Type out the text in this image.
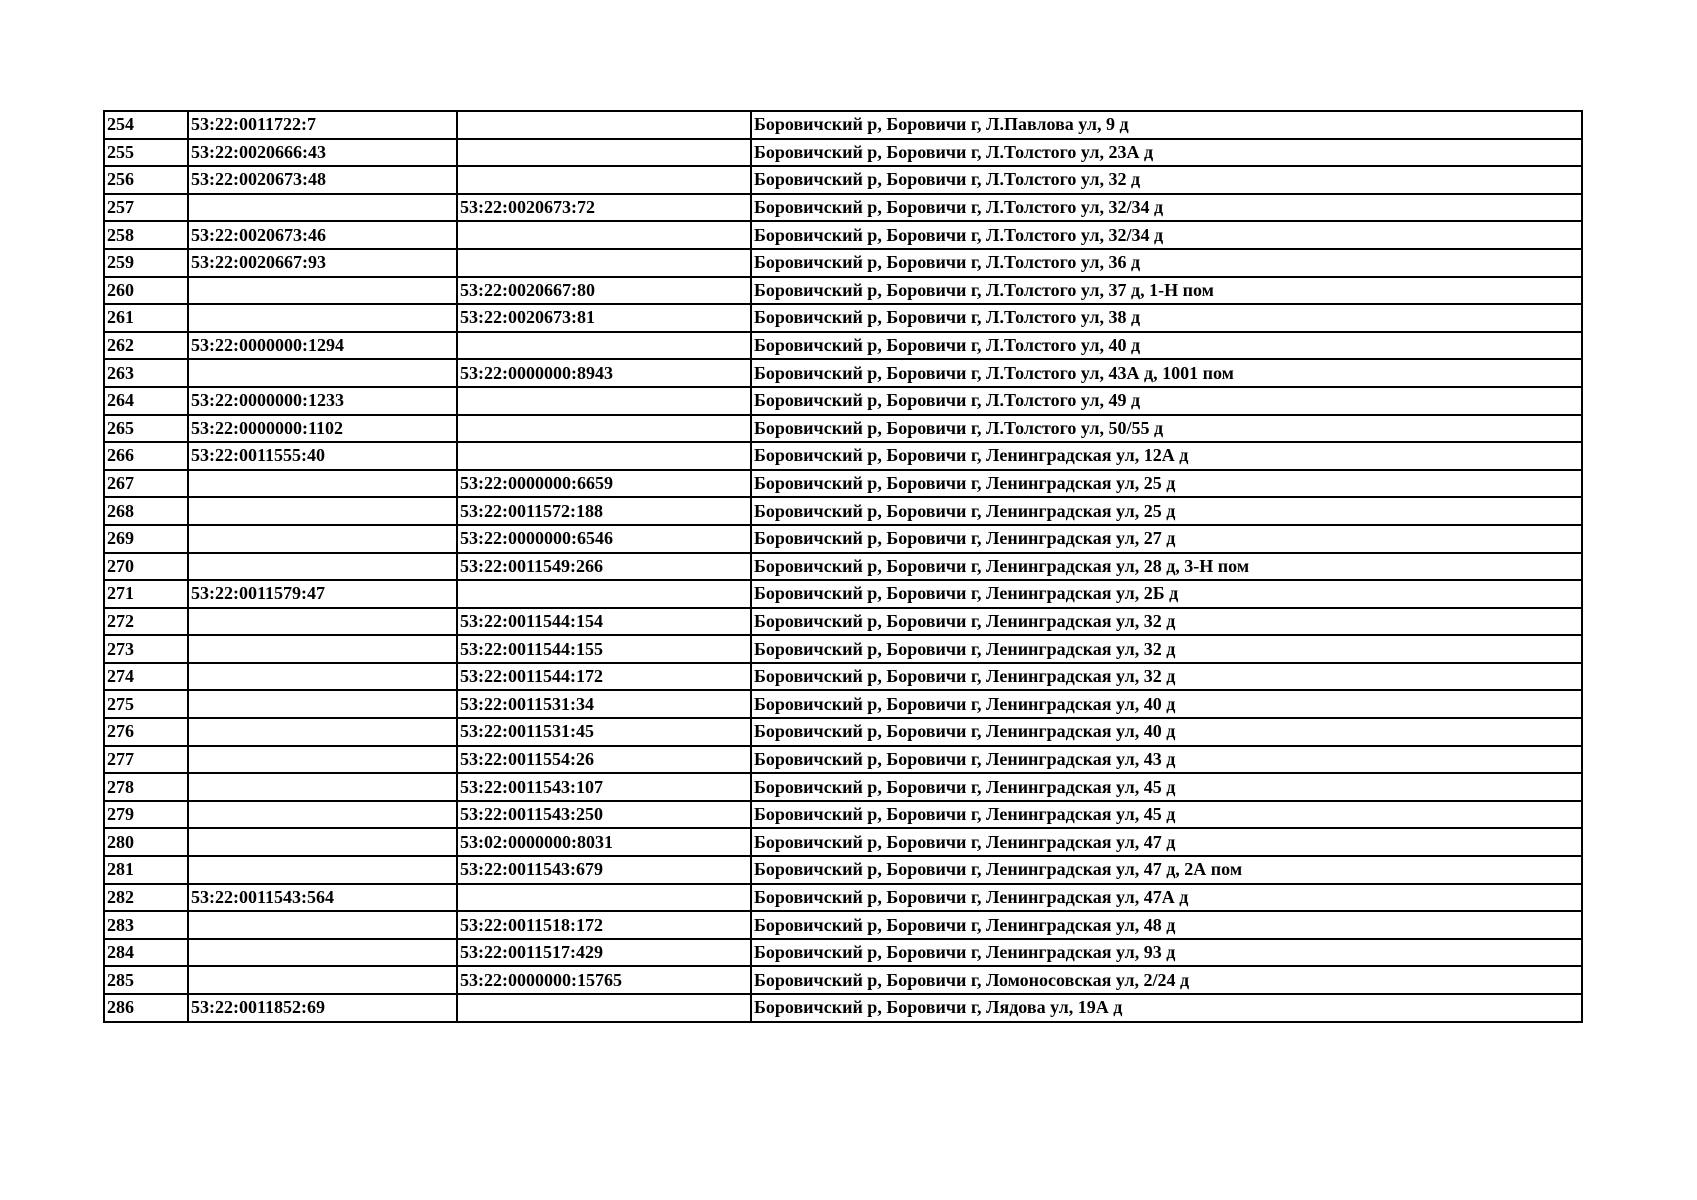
254	53:22:0011722:7		Боровичский р, Боровичи г, Л.Павлова ул, 9 д
255	53:22:0020666:43		Боровичский р, Боровичи г, Л.Толстого ул, 23А д
256	53:22:0020673:48		Боровичский р, Боровичи г, Л.Толстого ул, 32 д
257		53:22:0020673:72	Боровичский р, Боровичи г, Л.Толстого ул, 32/34 д
258	53:22:0020673:46		Боровичский р, Боровичи г, Л.Толстого ул, 32/34 д
259	53:22:0020667:93		Боровичский р, Боровичи г, Л.Толстого ул, 36 д
260		53:22:0020667:80	Боровичский р, Боровичи г, Л.Толстого ул, 37 д, 1-Н пом
261		53:22:0020673:81	Боровичский р, Боровичи г, Л.Толстого ул, 38 д
262	53:22:0000000:1294		Боровичский р, Боровичи г, Л.Толстого ул, 40 д
263		53:22:0000000:8943	Боровичский р, Боровичи г, Л.Толстого ул, 43А д, 1001 пом
264	53:22:0000000:1233		Боровичский р, Боровичи г, Л.Толстого ул, 49 д
265	53:22:0000000:1102		Боровичский р, Боровичи г, Л.Толстого ул, 50/55 д
266	53:22:0011555:40		Боровичский р, Боровичи г, Ленинградская ул, 12А д
267		53:22:0000000:6659	Боровичский р, Боровичи г, Ленинградская ул, 25 д
268		53:22:0011572:188	Боровичский р, Боровичи г, Ленинградская ул, 25 д
269		53:22:0000000:6546	Боровичский р, Боровичи г, Ленинградская ул, 27 д
270		53:22:0011549:266	Боровичский р, Боровичи г, Ленинградская ул, 28 д, 3-Н пом
271	53:22:0011579:47		Боровичский р, Боровичи г, Ленинградская ул, 2Б д
272		53:22:0011544:154	Боровичский р, Боровичи г, Ленинградская ул, 32 д
273		53:22:0011544:155	Боровичский р, Боровичи г, Ленинградская ул, 32 д
274		53:22:0011544:172	Боровичский р, Боровичи г, Ленинградская ул, 32 д
275		53:22:0011531:34	Боровичский р, Боровичи г, Ленинградская ул, 40 д
276		53:22:0011531:45	Боровичский р, Боровичи г, Ленинградская ул, 40 д
277		53:22:0011554:26	Боровичский р, Боровичи г, Ленинградская ул, 43 д
278		53:22:0011543:107	Боровичский р, Боровичи г, Ленинградская ул, 45 д
279		53:22:0011543:250	Боровичский р, Боровичи г, Ленинградская ул, 45 д
280		53:02:0000000:8031	Боровичский р, Боровичи г, Ленинградская ул, 47 д
281		53:22:0011543:679	Боровичский р, Боровичи г, Ленинградская ул, 47 д, 2А пом
282	53:22:0011543:564		Боровичский р, Боровичи г, Ленинградская ул, 47А д
283		53:22:0011518:172	Боровичский р, Боровичи г, Ленинградская ул, 48 д
284		53:22:0011517:429	Боровичский р, Боровичи г, Ленинградская ул, 93 д
285		53:22:0000000:15765	Боровичский р, Боровичи г, Ломоносовская ул, 2/24 д
286	53:22:0011852:69		Боровичский р, Боровичи г, Лядова ул, 19А д
